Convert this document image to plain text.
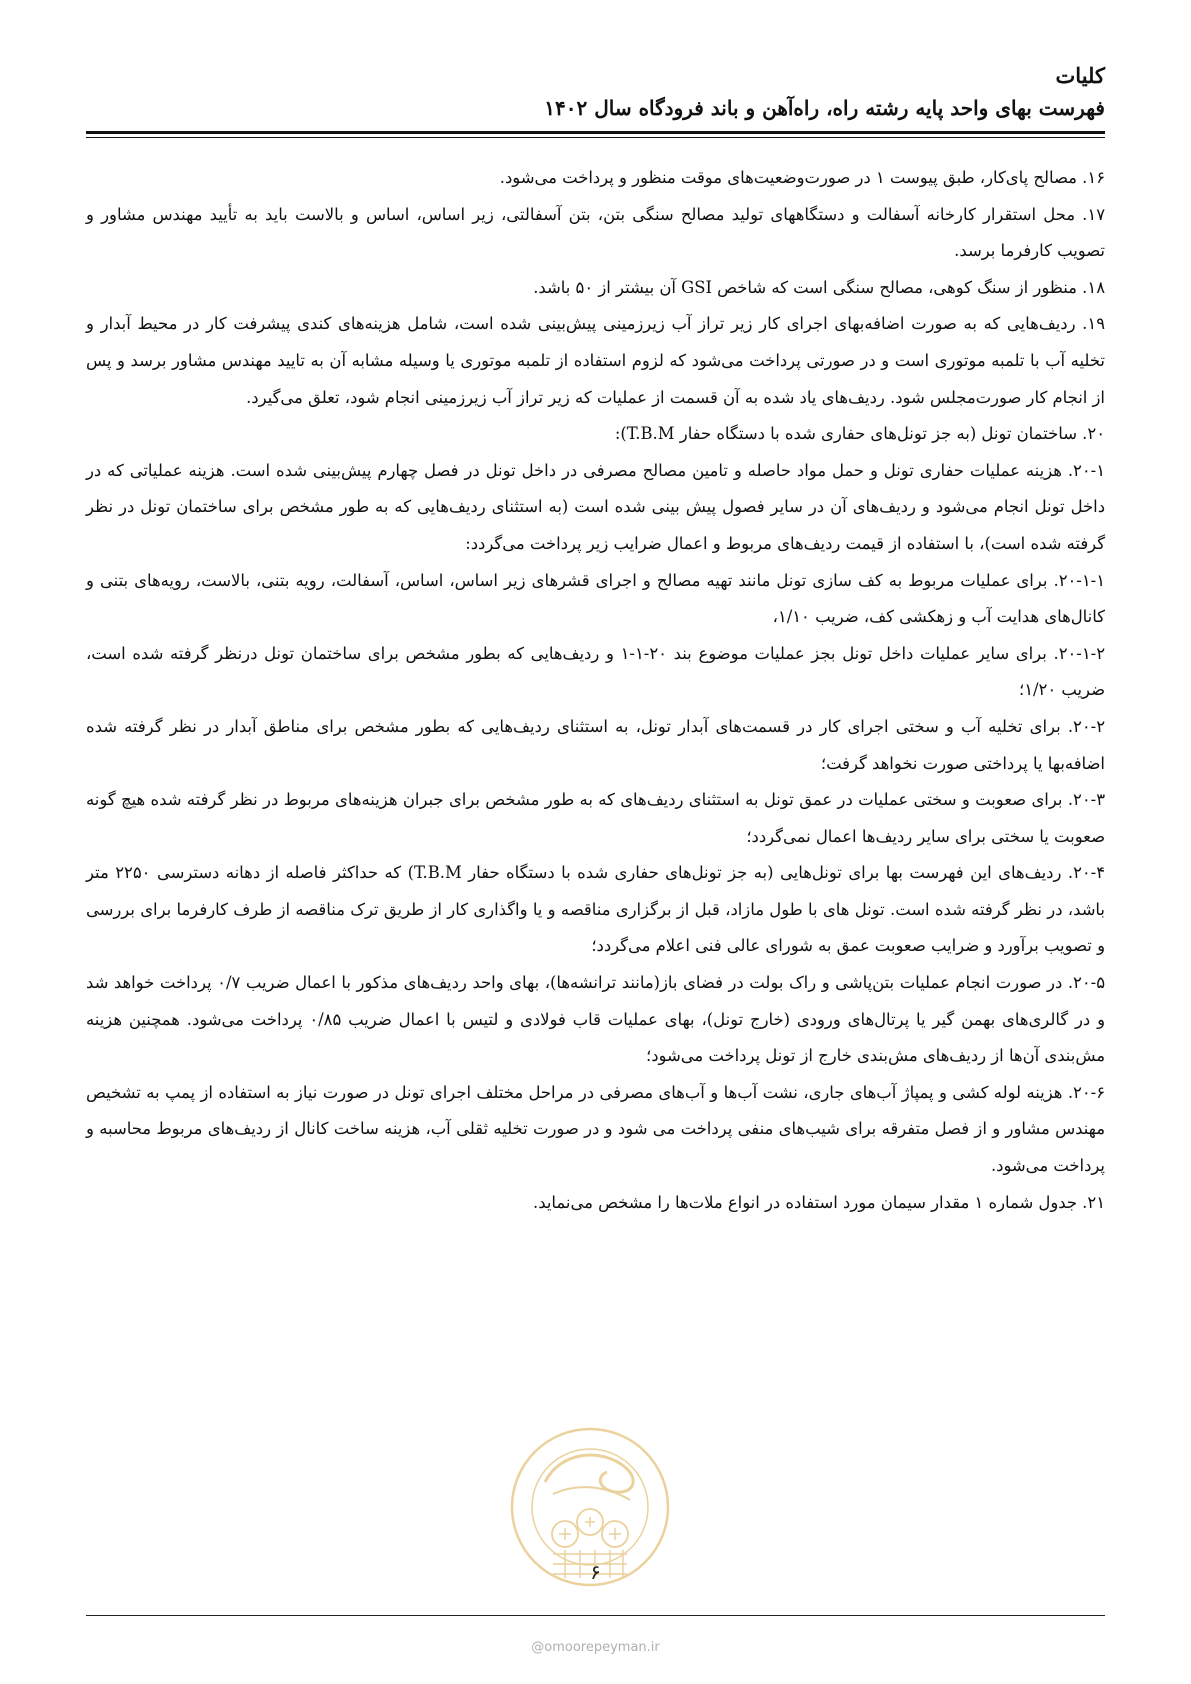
کلیات
فهرست بهای واحد پایه رشته راه، راه‌آهن و باند فرودگاه سال ۱۴۰۲

۱۶. مصالح پای‌کار، طبق پیوست ۱ در صورت‌وضعیت‌های موقت منظور و پرداخت می‌شود.

۱۷. محل استقرار کارخانه آسفالت و دستگاههای تولید مصالح سنگی بتن، بتن آسفالتی، زیر اساس، اساس و بالاست باید به تأیید مهندس مشاور و تصویب کارفرما برسد.

۱۸. منظور از سنگ کوهی، مصالح سنگی است که شاخص GSI آن بیشتر از ۵۰ باشد.

۱۹. ردیف‌هایی که به صورت اضافه‌بهای اجرای کار زیر تراز آب زیرزمینی پیش‌بینی شده است، شامل هزینه‌های کندی پیشرفت کار در محیط آبدار و تخلیه آب با تلمبه موتوری است و در صورتی پرداخت می‌شود که لزوم استفاده از تلمبه موتوری یا وسیله مشابه آن به تایید مهندس مشاور برسد و پس از انجام کار صورت‌مجلس شود. ردیف‌های یاد شده به آن قسمت از عملیات که زیر تراز آب زیرزمینی انجام شود، تعلق می‌گیرد.

۲۰. ساختمان تونل (به جز تونل‌های حفاری شده با دستگاه حفار T.B.M):

۲۰-۱. هزینه عملیات حفاری تونل و حمل مواد حاصله و تامین مصالح مصرفی در داخل تونل در فصل چهارم پیش‌بینی شده است. هزینه عملیاتی که در داخل تونل انجام می‌شود و ردیف‌های آن در سایر فصول پیش بینی شده است (به استثنای ردیف‌هایی که به طور مشخص برای ساختمان تونل در نظر گرفته شده است)، با استفاده از قیمت ردیف‌های مربوط و اعمال ضرایب زیر پرداخت می‌گردد:

۲۰-۱-۱. برای عملیات مربوط به کف سازی تونل مانند تهیه مصالح و اجرای قشرهای زیر اساس، اساس، آسفالت، رویه بتنی، بالاست، رویه‌های بتنی و کانال‌های هدایت آب و زهکشی کف، ضریب ۱/۱۰،

۲۰-۱-۲. برای سایر عملیات داخل تونل بجز عملیات موضوع بند ۲۰-۱-۱ و ردیف‌هایی که بطور مشخص برای ساختمان تونل درنظر گرفته شده است، ضریب ۱/۲۰؛

۲۰-۲. برای تخلیه آب و سختی اجرای کار در قسمت‌های آبدار تونل، به استثنای ردیف‌هایی که بطور مشخص برای مناطق آبدار در نظر گرفته شده اضافه‌بها یا پرداختی صورت نخواهد گرفت؛

۲۰-۳. برای صعوبت و سختی عملیات در عمق تونل به استثنای ردیف‌های که به طور مشخص برای جبران هزینه‌های مربوط در نظر گرفته شده هیچ گونه صعوبت یا سختی برای سایر ردیف‌ها اعمال نمی‌گردد؛

۲۰-۴. ردیف‌های این فهرست بها برای تونل‌هایی (به جز تونل‌های حفاری شده با دستگاه حفار T.B.M) که حداکثر فاصله از دهانه دسترسی ۲۲۵۰ متر باشد، در نظر گرفته شده است. تونل های با طول مازاد، قبل از برگزاری مناقصه و یا واگذاری کار از طریق ترک مناقصه از طرف کارفرما برای بررسی و تصویب برآورد و ضرایب صعوبت عمق به شورای عالی فنی اعلام می‌گردد؛

۲۰-۵. در صورت انجام عملیات بتن‌پاشی و راک بولت در فضای باز(مانند ترانشه‌ها)، بهای واحد ردیف‌های مذکور با اعمال ضریب ۰/۷ پرداخت خواهد شد و در گالری‌های بهمن گیر یا پرتال‌های ورودی (خارج تونل)، بهای عملیات قاب فولادی و لتیس با اعمال ضریب ۰/۸۵ پرداخت می‌شود. همچنین هزینه مش‌بندی آن‌ها از ردیف‌های مش‌بندی خارج از تونل پرداخت می‌شود؛

۲۰-۶. هزینه لوله کشی و پمپاژ آب‌های جاری، نشت آب‌ها و آب‌های مصرفی در مراحل مختلف اجرای تونل در صورت نیاز به استفاده از پمپ به تشخیص مهندس مشاور و از فصل متفرقه برای شیب‌های منفی پرداخت می شود و در صورت تخلیه ثقلی آب، هزینه ساخت کانال از ردیف‌های مربوط محاسبه و پرداخت می‌شود.

۲۱. جدول شماره ۱ مقدار سیمان مورد استفاده در انواع ملات‌ها را مشخص می‌نماید.

۶
@omoorepeyman.ir
